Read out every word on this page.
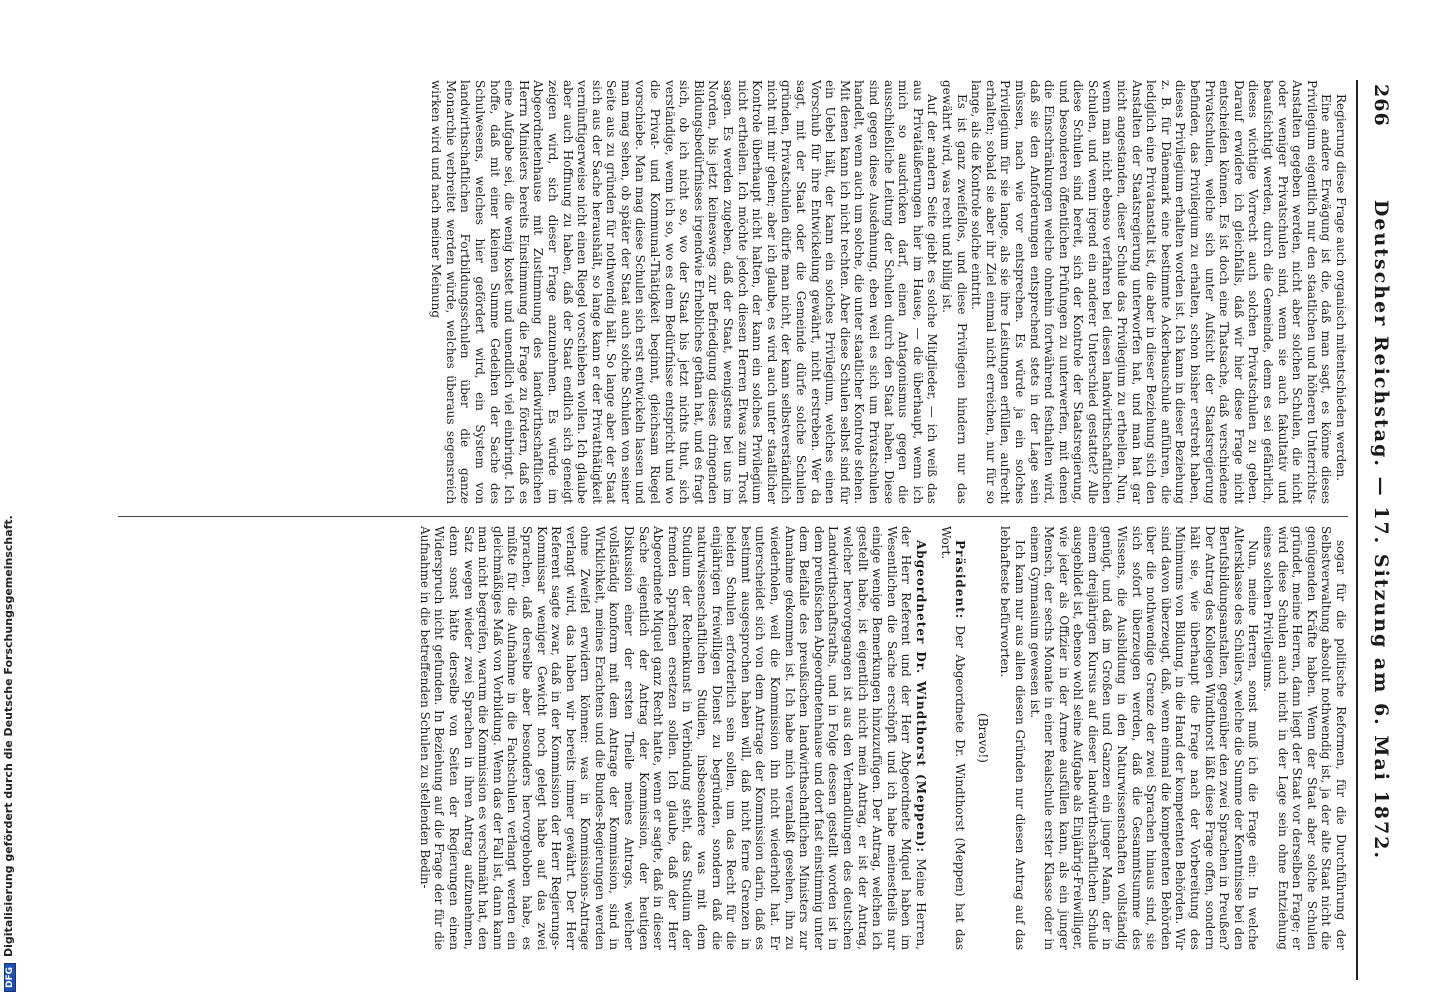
DFGDigitalisierung gefördert durch die Deutsche Forschungsgemeinschaft.
266
Deutscher Reichstag. — 17. Sitzung am 6. Mai 1872.

Regierung diese Frage auch organisch mitentschieden werden.

Eine andere Erwägung ist die, daß man sagt, es könne dieses Privilegium eigentlich nur den staatlichen und höheren Unterrichts-Anstalten gegeben werden, nicht aber solchen Schulen, die nicht oder weniger Privatschulen sind, wenn sie auch fakultativ und beaufsichtigt werden, durch die Gemeinde, denn es sei gefährlich, dieses wichtige Vorrecht auch solchen Privatschulen zu geben. Darauf erwidere ich gleichfalls, daß wir hier diese Frage nicht entscheiden können. Es ist doch eine Thatsache, daß verschiedene Privatschulen, welche sich unter Aufsicht der Staatsregierung befinden, das Privilegium zu erhalten, schon bisher erstrebt haben, dieses Privilegium erhalten worden ist. Ich kann in dieser Beziehung z. B. für Dänemark eine bestimmte Ackerbauschule anführen, die lediglich eine Privatanstalt ist, die aber in dieser Beziehung sich den Anstalten der Staatsregierung unterworfen hat, und man hat gar nicht angestanden, dieser Schule das Privilegium zu ertheilen. Nun, wenn man nicht ebenso verfahren bei diesen landwirthschaftlichen Schulen, und wenn irgend ein anderer Unterschied gestattet? Alle diese Schulen sind bereit, sich der Kontrole der Staatsregierung, und besonderen öffentlichen Prüfungen zu unterwerfen, mit denen die Einschränkungen welche ohnehin fortwährend festhalten wird, daß sie den Anforderungen entsprechend stets in der Lage sein müssen, nach wie vor entsprechen. Es würde ja ein solches Privilegium für sie lange, als sie ihre Leistungen erfüllen, aufrecht erhalten; sobald sie aber ihr Ziel einmal nicht erreichen, nur für so lange, als die Kontrole solche eintritt.

Es ist ganz zweifellos, und diese Privilegien hindern nur das gewährt wird, was recht und billig ist.

Auf der andern Seite giebt es solche Mitglieder, — ich weiß das aus Privatäußerungen hier im Hause, — die überhaupt, wenn ich mich so ausdrücken darf, einen Antagonismus gegen die ausschließliche Leitung der Schulen durch den Staat haben. Diese sind gegen diese Ausdehnung, eben weil es sich um Privatschulen handelt, wenn auch um solche, die unter staatlicher Kontrole stehen. Mit denen kann ich nicht rechten. Aber diese Schulen selbst sind für ein Uebel hält, der kann ein solches Privilegium, welches einen Vorschub für ihre Entwickelung gewährt, nicht erstreben. Wer da sagt, mit der Staat oder die Gemeinde dürfe solche Schulen gründen, Privatschulen dürfe man nicht, der kann selbstverständlich nicht mit mir gehen; aber ich glaube, es wird auch unter staatlicher Kontrole überhaupt nicht halten, der kann ein solches Privilegium nicht ertheilen. Ich möchte jedoch diesen Herren Etwas zum Trost sagen. Es werden zugeben, daß der Staat, wenigstens bei uns im Norden, bis jetzt keineswegs zur Befriedigung dieses dringenden Bildungsbedürfnisses irgendwie Erhebliches gethan hat, und es fragt sich, ob ich nicht so, wo der Staat bis jetzt nichts thut, sich verständige, wenn ich so, wo es dem Bedürfnisse entspricht und wo die Privat- und Kommunal-Thätigkeit beginnt, gleichsam Riegel vorschiebe. Man mag diese Schulen sich erst entwickeln lassen und man mag sehen, ob später der Staat auch solche Schulen von seiner Seite aus zu gründen für nothwendig hält. So lange aber der Staat sich aus der Sache heraushält, so lange kann er der Privatthätigkeit vernünftigerweise nicht einen Riegel vorschieben wollen. Ich glaube aber auch Hoffnung zu haben, daß der Staat endlich sich geneigt zeigen wird, sich dieser Frage anzunehmen. Es würde im Abgeordnetenhause mit Zustimmung des landwirthschaftlichen Herrn Ministers bereits Einstimmung die Frage zu fördern, daß es eine Aufgabe sei, die wenig kostet und unendlich viel einbringt. Ich hoffe, daß mit einer kleinen Summe Gedeihen der Sache des Schulwesens, welches hier gefördert wird, ein System von landwirthschaftlichen Fortbildungsschulen über die ganze Monarchie verbreitet werden würde, welches überaus segensreich wirken wird und nach meiner Meinung

sogar für die politische Reformen, für die Durchführung der Selbstverwaltung absolut nothwendig ist, ja der alte Staat nicht die genügenden Kräfte haben. Wenn der Staat aber solche Schulen gründet, meine Herren, dann liegt der Staat vor derselben Frage; er wird diese Schulen auch nicht in der Lage sein ohne Entziehung eines solchen Privilegiums.

Nun, meine Herren, sonst muß ich die Frage ein: In welche Altersklasse des Schülers, welche die Summe der Kenntnisse bei den Berufsbildungsanstalten, gegenüber den zwei Sprachen in Preußen? Der Antrag des Kollegen Windthorst läßt diese Frage offen, sondern hält sie, wie überhaupt die Frage nach der Vorbereitung des Minimums von Bildung, in die Hand der kompetenten Behörden. Wir sind davon überzeugt, daß, wenn einmal die kompetenten Behörden über die nothwendige Grenze der zwei Sprachen hinaus sind, sie sich sofort überzeugen werden, daß die Gesammtsumme des Wissens, die Ausbildung in den Naturwissenschaften vollständig genügt, und daß im Großen und Ganzen ein junger Mann, der in einem dreijährigen Kursus auf dieser landwirthschaftlichen Schule ausgebildet ist, ebenso wohl seine Aufgabe als Einjährig-Freiwilliger, wie jeder als Offizier in der Armee ausfüllen kann, als ein junger Mensch, der sechs Monate in einer Realschule erster Klasse oder in einem Gymnasium gewesen ist.

Ich kann nur aus allen diesen Gründen nur diesen Antrag auf das lebhafteste befürworten.

(Bravo!)

Präsident: Der Abgeordnete Dr. Windthorst (Meppen) hat das Wort.

Abgeordneter Dr. Windthorst (Meppen): Meine Herren, der Herr Referent und der Herr Abgeordnete Miquel haben im Wesentlichen die Sache erschöpft und ich habe meinestheils nur einige wenige Bemerkungen hinzuzufügen. Der Antrag, welchen ich gestellt habe, ist eigentlich nicht mein Antrag, er ist der Antrag, welcher hervorgegangen ist aus den Verhandlungen des deutschen Landwirthschaftsraths, und in Folge dessen gestellt worden ist in dem preußischen Abgeordnetenhause und dort fast einstimmig unter dem Beifalle des preußischen landwirthschaftlichen Ministers zur Annahme gekommen ist. Ich habe mich veranlaßt gesehen, ihn zu wiederholen, weil die Kommission ihn nicht wiederholt hat. Er unterscheidet sich von dem Antrage der Kommission darin, daß es bestimmt ausgesprochen haben will, daß nicht ferne Grenzen in beiden Schulen erforderlich sein sollen, um das Recht für die einjährigen freiwilligen Dienst zu begründen, sondern daß die naturwissenschaftlichen Studien, insbesondere was mit dem Studium der Rechenkunst in Verbindung steht, das Studium der fremden Sprachen ersetzen sollen. Ich glaube, daß der Herr Abgeordnete Miquel ganz Recht hatte, wenn er sagte, daß in dieser Sache eigentlich der Antrag der Kommission, der heutigen Diskussion einer der ersten Theile meines Antrags, welcher vollständig konform mit dem Antrage der Kommission, sind in Wirklichkeit, meines Erachtens und die Bundes-Regierungen werden ohne Zweifel erwidern können: was in Kommissions-Antrage verlangt wird, das haben wir bereits immer gewährt. Der Herr Referent sagte zwar, daß in der Kommission der Herr Regierungs-Kommissar weniger Gewicht noch gelegt habe auf das zwei Sprachen, daß derselbe aber besonders hervorgehoben habe, es müßte für die Aufnahme in die Fachschulen verlangt werden ein gleichmäßiges Maß von Vorbildung. Wenn das der Fall ist, dann kann man nicht begreifen, warum die Kommission es verschmäht hat, den Satz wegen wieder zwei Sprachen in ihren Antrag aufzunehmen, denn sonst hätte derselbe von Seiten der Regierungen einen Widerspruch nicht gefunden. In Beziehung auf die Frage der für die Aufnahme in die betreffenden Schulen zu stellenden Bedin-
